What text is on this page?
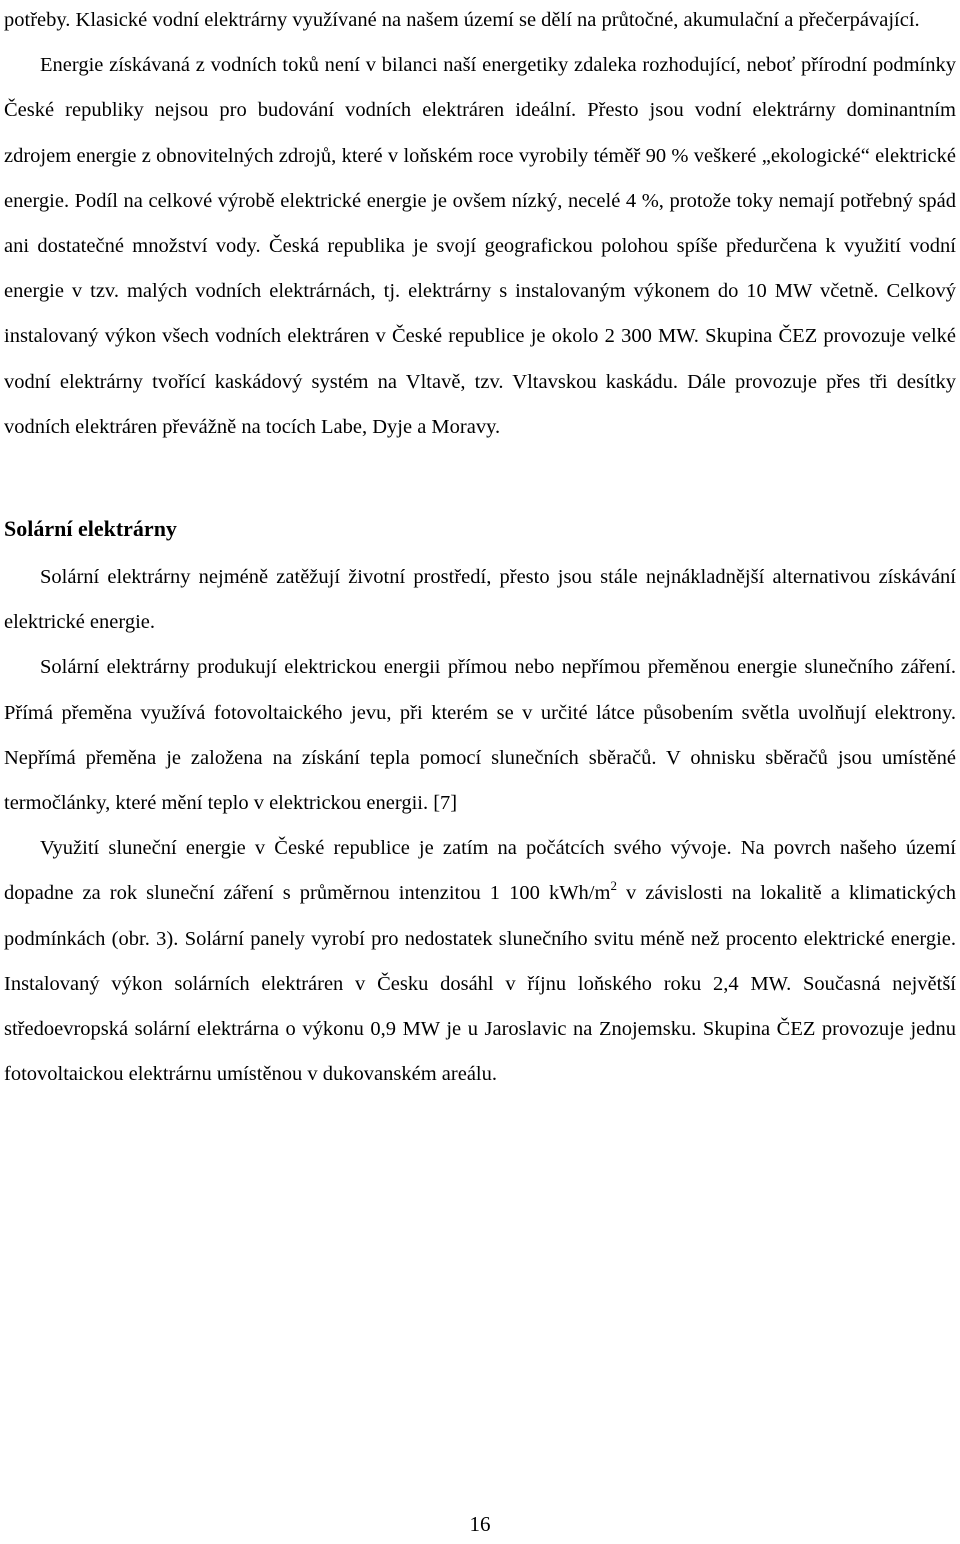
potřeby. Klasické vodní elektrárny využívané na našem území se dělí na průtočné, akumulační a přečerpávající.

Energie získávaná z vodních toků není v bilanci naší energetiky zdaleka rozhodující, neboť přírodní podmínky České republiky nejsou pro budování vodních elektráren ideální. Přesto jsou vodní elektrárny dominantním zdrojem energie z obnovitelných zdrojů, které v loňském roce vyrobily téměř 90 % veškeré „ekologické“ elektrické energie. Podíl na celkové výrobě elektrické energie je ovšem nízký, necelé 4 %, protože toky nemají potřebný spád ani dostatečné množství vody. Česká republika je svojí geografickou polohou spíše předurčena k využití vodní energie v tzv. malých vodních elektrárnách, tj. elektrárny s instalovaným výkonem do 10 MW včetně. Celkový instalovaný výkon všech vodních elektráren v České republice je okolo 2 300 MW. Skupina ČEZ provozuje velké vodní elektrárny tvořící kaskádový systém na Vltavě, tzv. Vltavskou kaskádu. Dále provozuje přes tři desítky vodních elektráren převážně na tocích Labe, Dyje a Moravy.

Solární elektrárny

Solární elektrárny nejméně zatěžují životní prostředí, přesto jsou stále nejnákladnější alternativou získávání elektrické energie.

Solární elektrárny produkují elektrickou energii přímou nebo nepřímou přeměnou energie slunečního záření. Přímá přeměna využívá fotovoltaického jevu, při kterém se v určité látce působením světla uvolňují elektrony. Nepřímá přeměna je založena na získání tepla pomocí slunečních sběračů. V ohnisku sběračů jsou umístěné termočlánky, které mění teplo v elektrickou energii. [7]

Využití sluneční energie v České republice je zatím na počátcích svého vývoje. Na povrch našeho území dopadne za rok sluneční záření s průměrnou intenzitou 1 100 kWh/$m^2$ v závislosti na lokalitě a klimatických podmínkách (obr. 3). Solární panely vyrobí pro nedostatek slunečního svitu méně než procento elektrické energie. Instalovaný výkon solárních elektráren v Česku dosáhl v říjnu loňského roku 2,4 MW. Současná největší středoevropská solární elektrárna o výkonu 0,9 MW je u Jaroslavic na Znojemsku. Skupina ČEZ provozuje jednu fotovoltaickou elektrárnu umístěnou v dukovanském areálu.

16
